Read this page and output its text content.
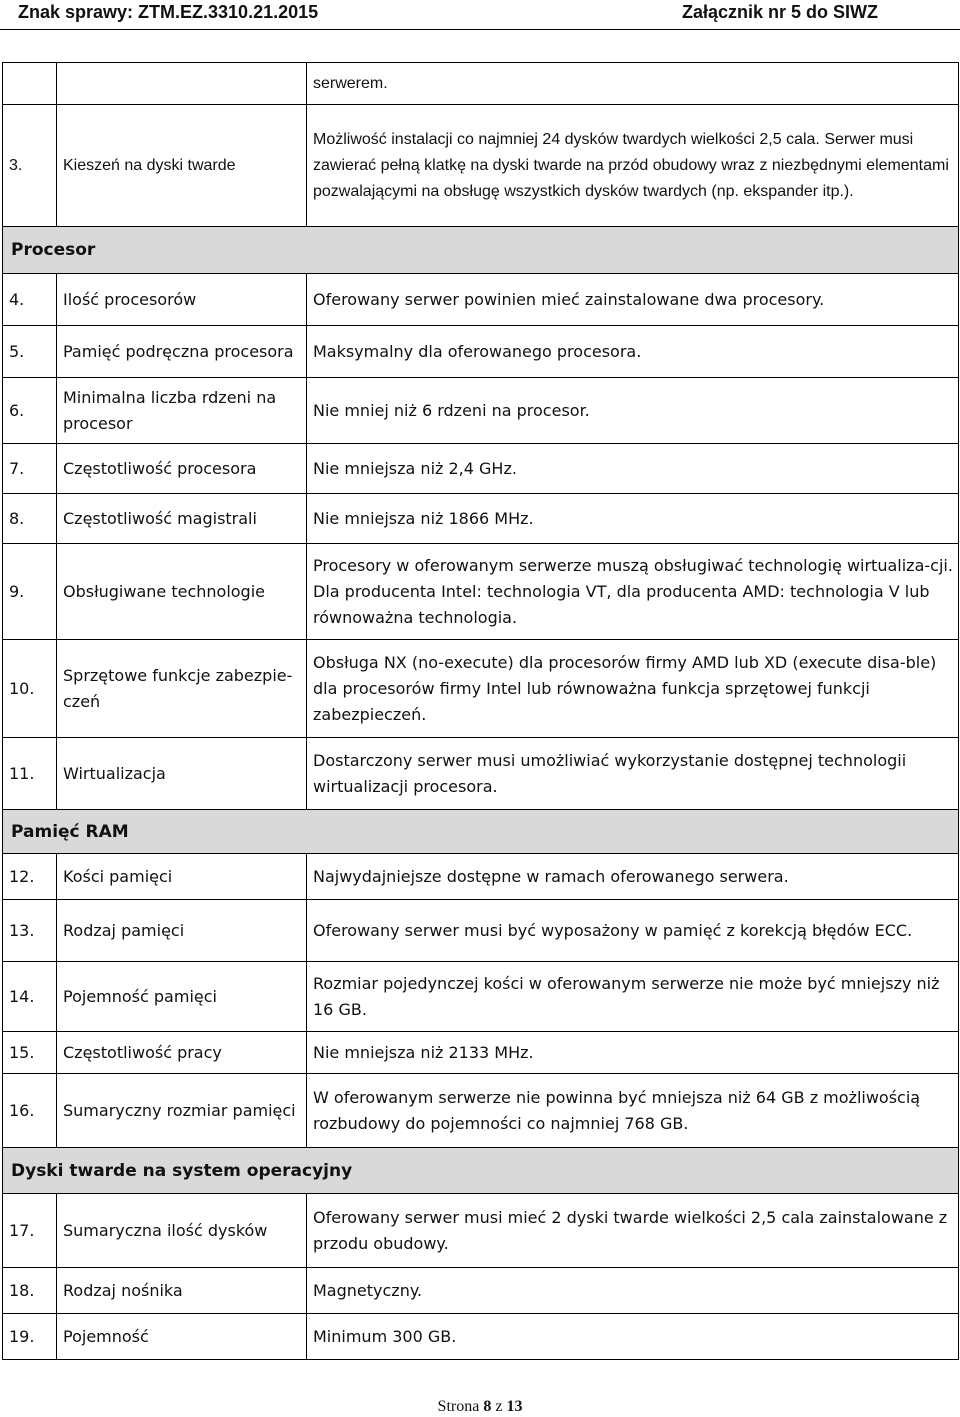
Znak sprawy: ZTM.EZ.3310.21.2015	Załącznik nr 5 do SIWZ
		serwerem.
3.	Kieszeń na dyski twarde	Możliwość instalacji co najmniej 24 dysków twardych wielkości 2,5 cala. Serwer musi zawierać pełną klatkę na dyski twarde na przód obudowy wraz z niezbędnymi elementami pozwalającymi na obsługę wszystkich dysków twardych (np. ekspander itp.).
Procesor		
4.	Ilość procesorów	Oferowany serwer powinien mieć zainstalowane dwa procesory.
5.	Pamięć podręczna procesora	Maksymalny dla oferowanego procesora.
6.	Minimalna liczba rdzeni na procesor	Nie mniej niż 6 rdzeni na procesor.
7.	Częstotliwość procesora	Nie mniejsza niż 2,4 GHz.
8.	Częstotliwość magistrali	Nie mniejsza niż 1866 MHz.
9.	Obsługiwane technologie	Procesory w oferowanym serwerze muszą obsługiwać technologię wirtualiza-cji. Dla producenta Intel: technologia VT, dla producenta AMD: technologia V lub równoważna technologia.
10.	Sprzętowe funkcje zabezpie-czeń	Obsługa NX (no-execute) dla procesorów firmy AMD lub XD (execute disa-ble) dla procesorów firmy Intel lub równoważna funkcja sprzętowej funkcji zabezpieczeń.
11.	Wirtualizacja	Dostarczony serwer musi umożliwiać wykorzystanie dostępnej technologii wirtualizacji procesora.
Pamięć RAM		
12.	Kości pamięci	Najwydajniejsze dostępne w ramach oferowanego serwera.
13.	Rodzaj pamięci	Oferowany serwer musi być wyposażony w pamięć z korekcją błędów ECC.
14.	Pojemność pamięci	Rozmiar pojedynczej kości w oferowanym serwerze nie może być mniejszy niż 16 GB.
15.	Częstotliwość pracy	Nie mniejsza niż 2133 MHz.
16.	Sumaryczny rozmiar pamięci	W oferowanym serwerze nie powinna być mniejsza niż 64 GB z możliwością rozbudowy do pojemności co najmniej 768 GB.
Dyski twarde na system operacyjny		
17.	Sumaryczna ilość dysków	Oferowany serwer musi mieć 2 dyski twarde wielkości 2,5 cala zainstalowane z przodu obudowy.
18.	Rodzaj nośnika	Magnetyczny.
19.	Pojemność	Minimum 300 GB.
Strona 8 z 13
